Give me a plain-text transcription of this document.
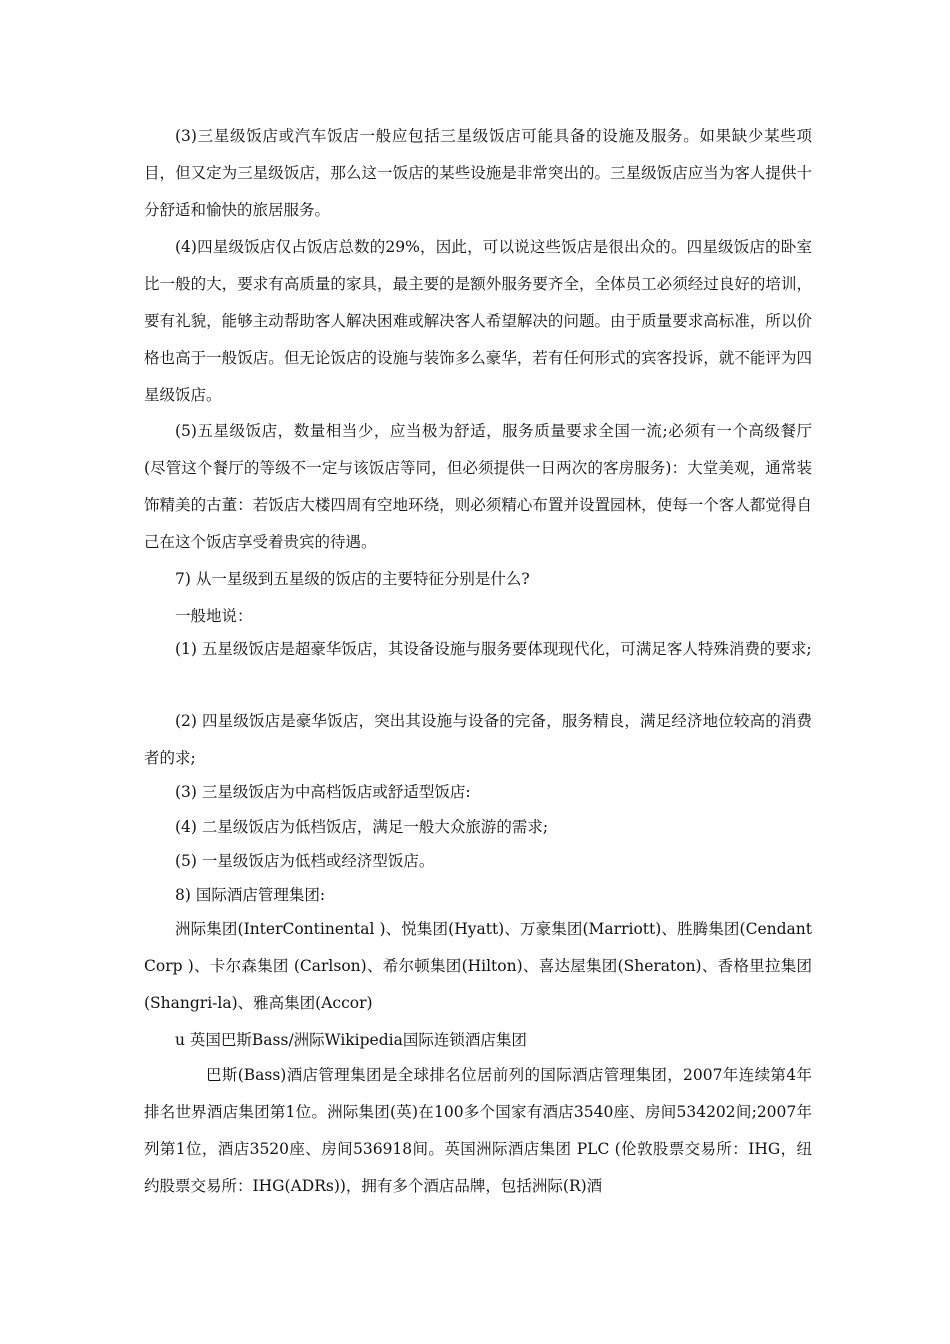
(3)三星级饭店或汽车饭店一般应包括三星级饭店可能具备的设施及服务。如果缺少某些项目，但又定为三星级饭店，那么这一饭店的某些设施是非常突出的。三星级饭店应当为客人提供十分舒适和愉快的旅居服务。

(4)四星级饭店仅占饭店总数的29%，因此，可以说这些饭店是很出众的。四星级饭店的卧室比一般的大，要求有高质量的家具，最主要的是额外服务要齐全，全体员工必须经过良好的培训，要有礼貌，能够主动帮助客人解决困难或解决客人希望解决的问题。由于质量要求高标准，所以价格也高于一般饭店。但无论饭店的设施与装饰多么豪华，若有任何形式的宾客投诉，就不能评为四星级饭店。

(5)五星级饭店，数量相当少，应当极为舒适，服务质量要求全国一流;必须有一个高级餐厅(尽管这个餐厅的等级不一定与该饭店等同，但必须提供一日两次的客房服务)：大堂美观，通常装饰精美的古董：若饭店大楼四周有空地环绕，则必须精心布置并设置园林，使每一个客人都觉得自己在这个饭店享受着贵宾的待遇。

7) 从一星级到五星级的饭店的主要特征分别是什么?

一般地说：

(1) 五星级饭店是超豪华饭店，其设备设施与服务要体现现代化，可满足客人特殊消费的要求;

(2) 四星级饭店是豪华饭店，突出其设施与设备的完备，服务精良，满足经济地位较高的消费者的求;

(3) 三星级饭店为中高档饭店或舒适型饭店:

(4) 二星级饭店为低档饭店，满足一般大众旅游的需求;

(5) 一星级饭店为低档或经济型饭店。

8) 国际酒店管理集团:

洲际集团(InterContinental )、悦集团(Hyatt)、万豪集团(Marriott)、胜腾集团(Cendant Corp )、卡尔森集团 (Carlson)、希尔顿集团(Hilton)、喜达屋集团(Sheraton)、香格里拉集团(Shangri-la)、雅高集团(Accor)

u 英国巴斯Bass/洲际Wikipedia国际连锁酒店集团

巴斯(Bass)酒店管理集团是全球排名位居前列的国际酒店管理集团，2007年连续第4年排名世界酒店集团第1位。洲际集团(英)在100多个国家有酒店3540座、房间534202间;2007年列第1位，酒店3520座、房间536918间。英国洲际酒店集团 PLC (伦敦股票交易所：IHG，纽约股票交易所：IHG(ADRs))，拥有多个酒店品牌，包括洲际(R)酒
